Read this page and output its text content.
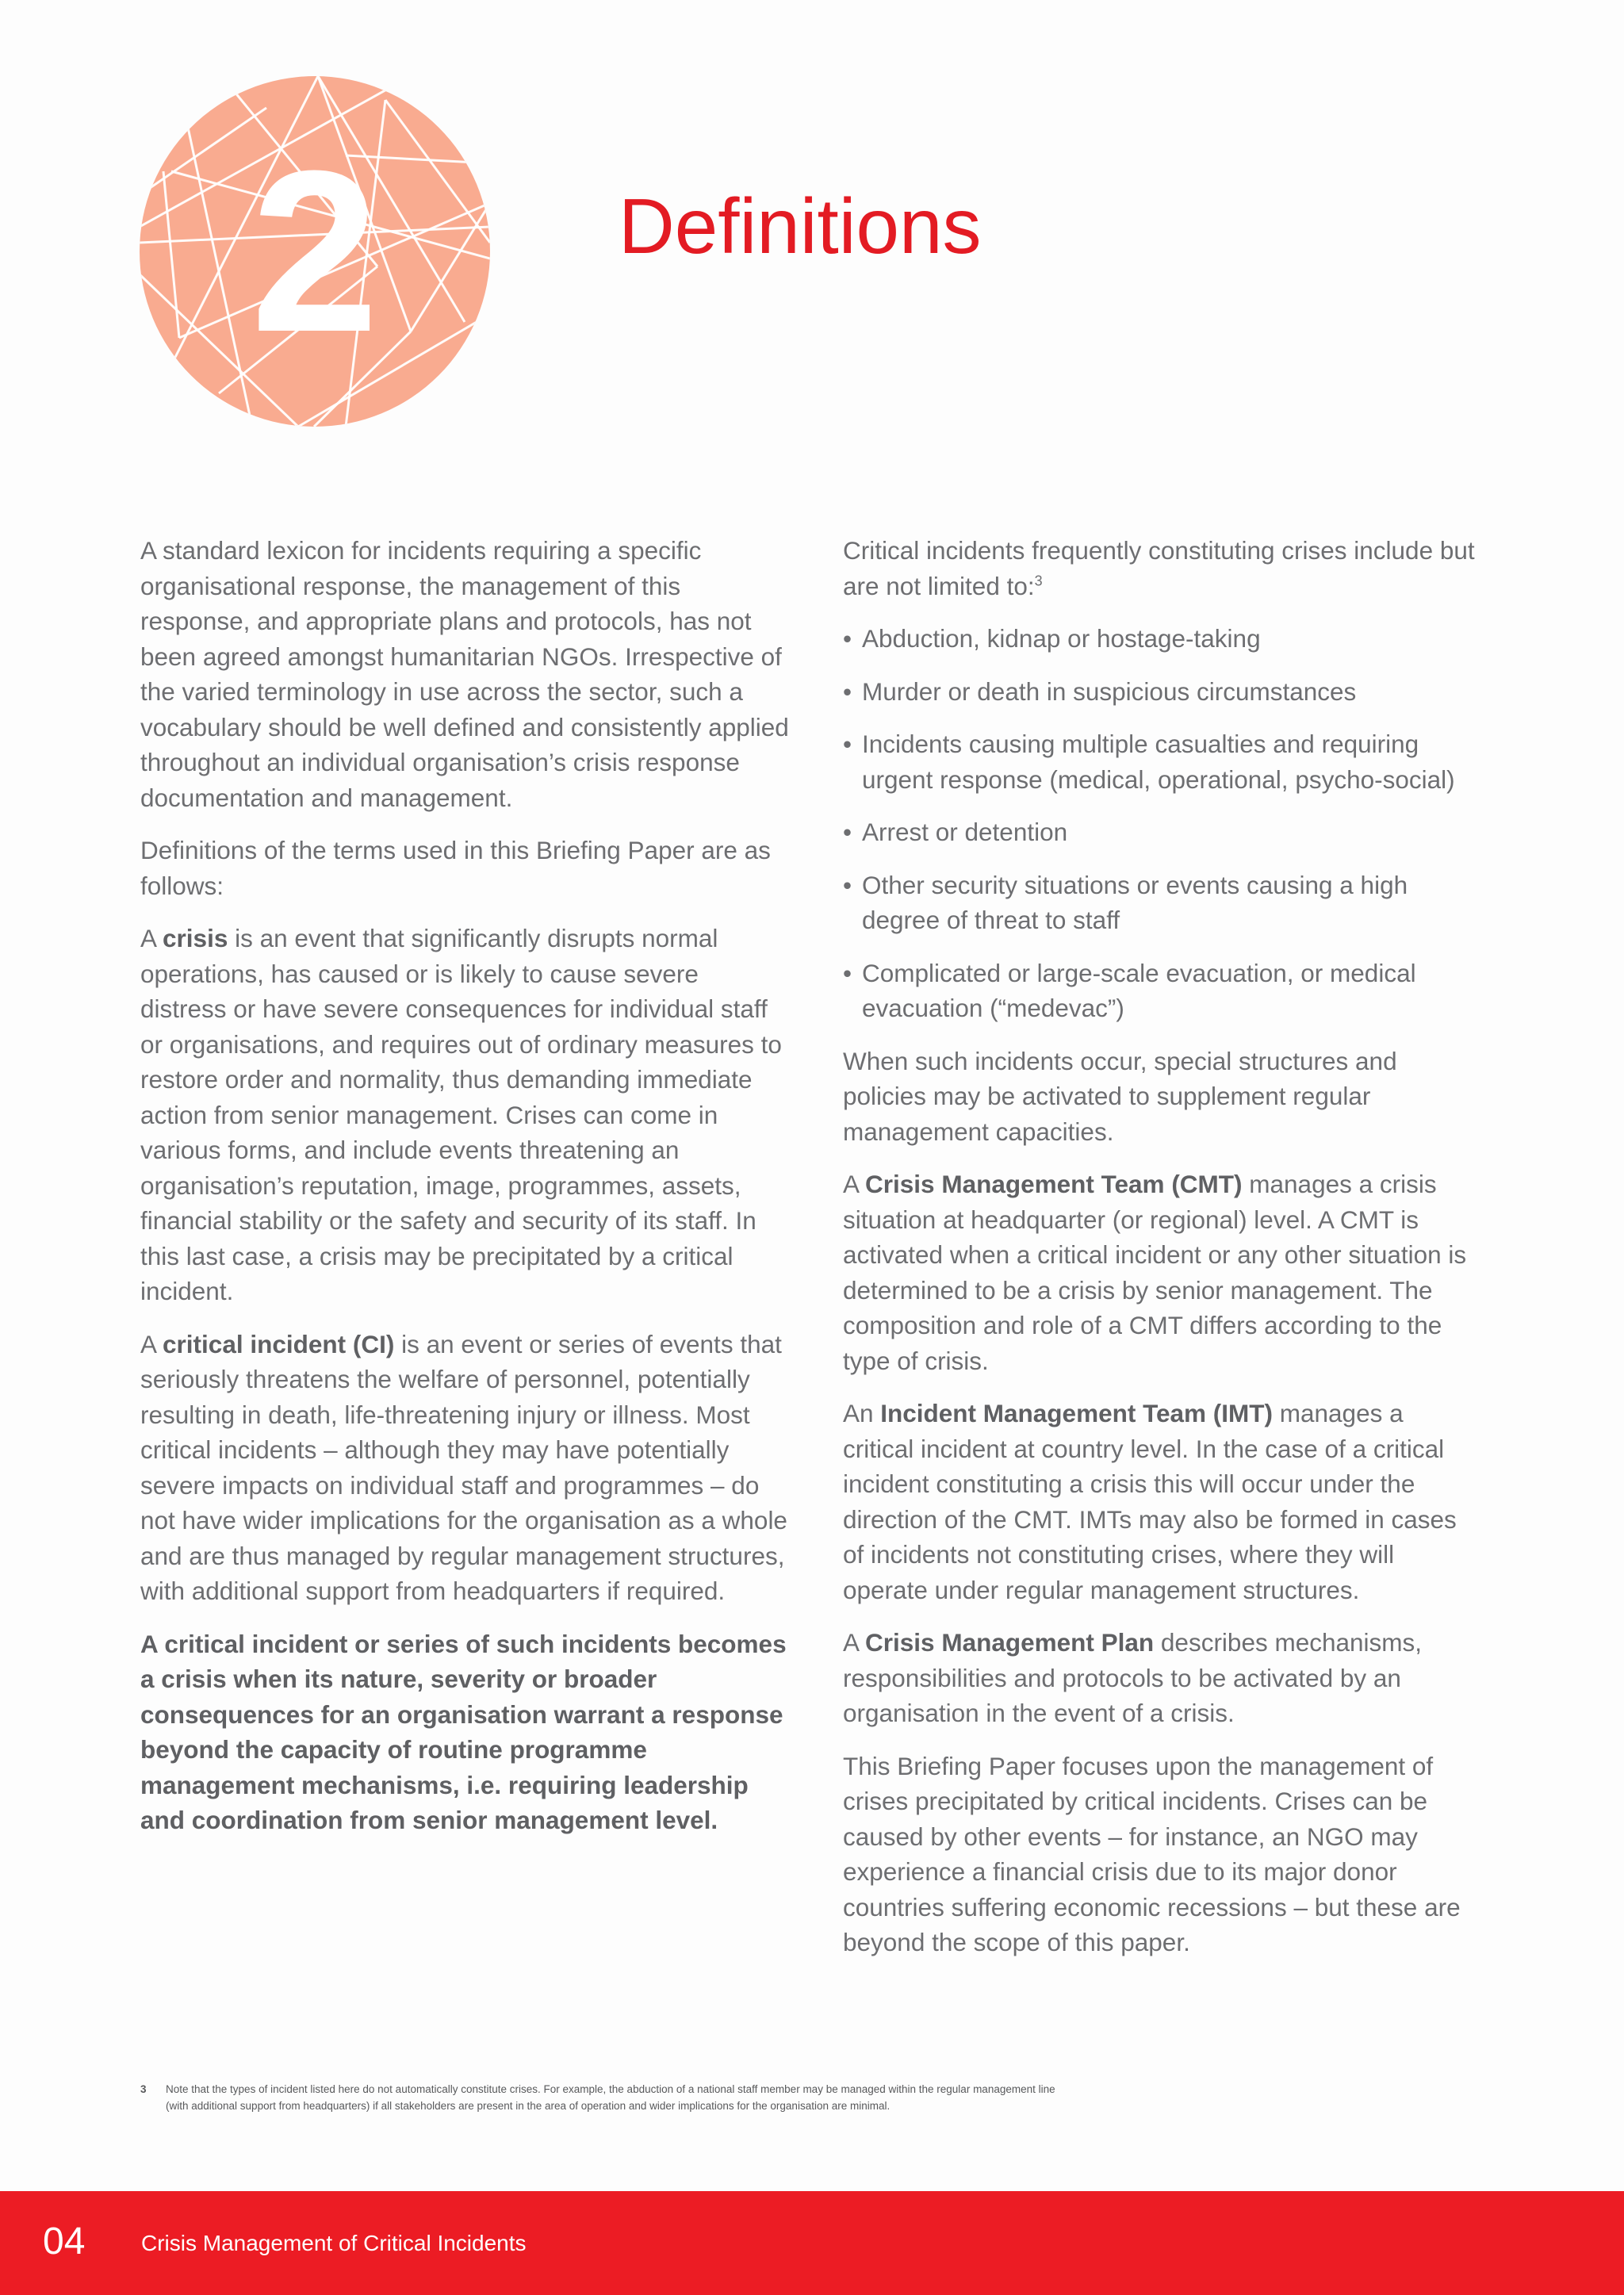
2	Definitions

A standard lexicon for incidents requiring a specific organisational response, the management of this response, and appropriate plans and protocols, has not been agreed amongst humanitarian NGOs. Irrespective of the varied terminology in use across the sector, such a vocabulary should be well defined and consistently applied throughout an individual organisation’s crisis response documentation and management.

Definitions of the terms used in this Briefing Paper are as follows:

A crisis is an event that significantly disrupts normal operations, has caused or is likely to cause severe distress or have severe consequences for individual staff or organisations, and requires out of ordinary measures to restore order and normality, thus demanding immediate action from senior management. Crises can come in various forms, and include events threatening an organisation’s reputation, image, programmes, assets, financial stability or the safety and security of its staff. In this last case, a crisis may be precipitated by a critical incident.

A critical incident (CI) is an event or series of events that seriously threatens the welfare of personnel, potentially resulting in death, life-threatening injury or illness. Most critical incidents – although they may have potentially severe impacts on individual staff and programmes – do not have wider implications for the organisation as a whole and are thus managed by regular management structures, with additional support from headquarters if required.

A critical incident or series of such incidents becomes a crisis when its nature, severity or broader consequences for an organisation warrant a response beyond the capacity of routine programme management mechanisms, i.e. requiring leadership and coordination from senior management level.

Critical incidents frequently constituting crises include but are not limited to:$^3$

• Abduction, kidnap or hostage-taking
• Murder or death in suspicious circumstances
• Incidents causing multiple casualties and requiring urgent response (medical, operational, psycho-social)
• Arrest or detention
• Other security situations or events causing a high degree of threat to staff
• Complicated or large-scale evacuation, or medical evacuation (“medevac”)

When such incidents occur, special structures and policies may be activated to supplement regular management capacities.

A Crisis Management Team (CMT) manages a crisis situation at headquarter (or regional) level. A CMT is activated when a critical incident or any other situation is determined to be a crisis by senior management. The composition and role of a CMT differs according to the type of crisis.

An Incident Management Team (IMT) manages a critical incident at country level. In the case of a critical incident constituting a crisis this will occur under the direction of the CMT. IMTs may also be formed in cases of incidents not constituting crises, where they will operate under regular management structures.

A Crisis Management Plan describes mechanisms, responsibilities and protocols to be activated by an organisation in the event of a crisis.

This Briefing Paper focuses upon the management of crises precipitated by critical incidents. Crises can be caused by other events – for instance, an NGO may experience a financial crisis due to its major donor countries suffering economic recessions – but these are beyond the scope of this paper.

3 Note that the types of incident listed here do not automatically constitute crises. For example, the abduction of a national staff member may be managed within the regular management line (with additional support from headquarters) if all stakeholders are present in the area of operation and wider implications for the organisation are minimal.
04	Crisis Management of Critical Incidents
